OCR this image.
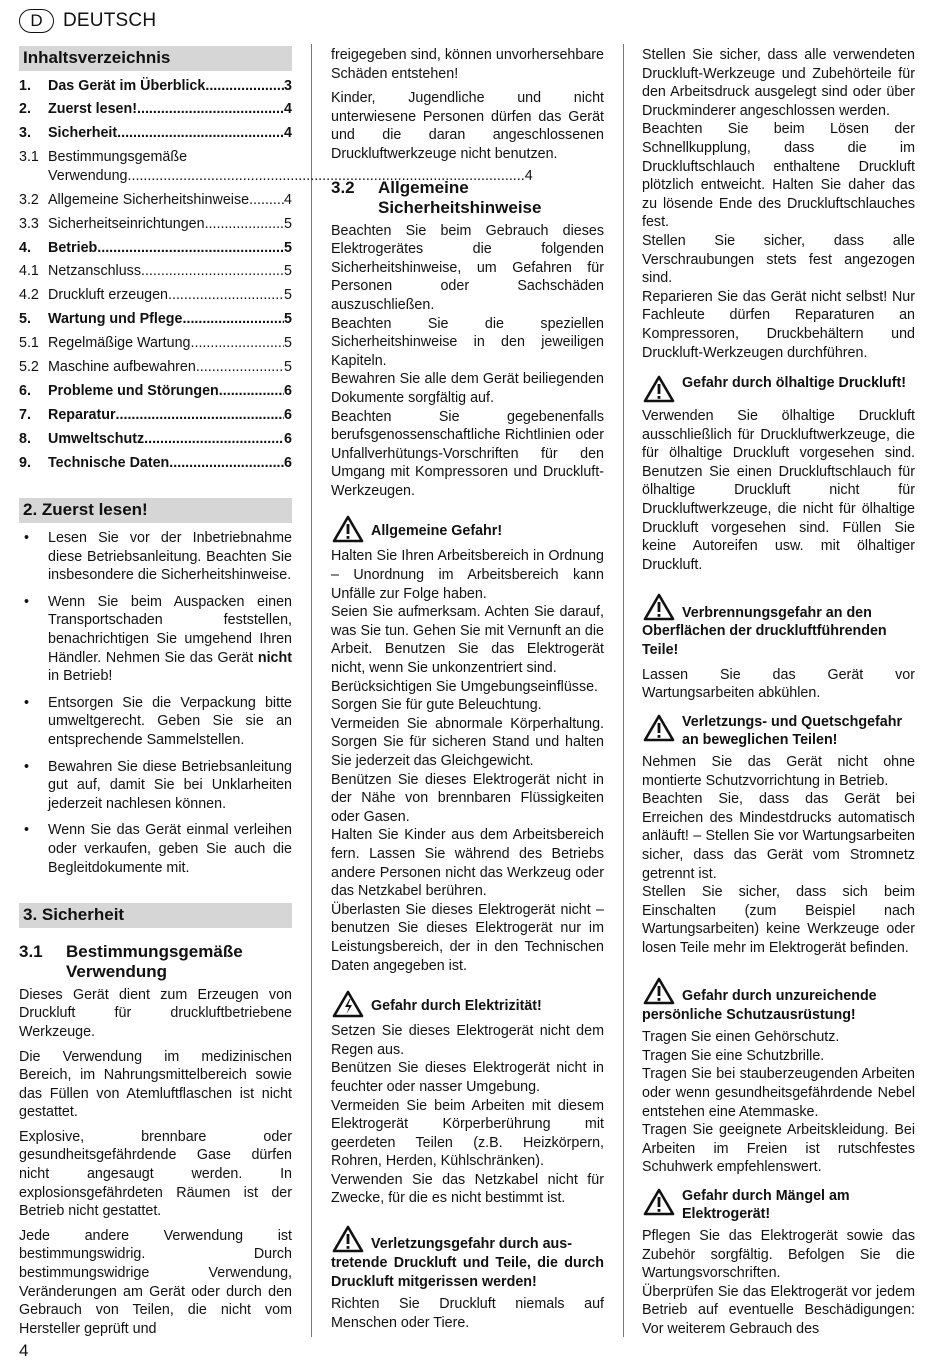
D	DEUTSCH
Inhaltsverzeichnis
1.	Das Gerät im Überblick .....	3
2.	Zuerst lesen! .....	4
3.	Sicherheit .....	4
3.1 Bestimmungsgemäße
Verwendung .....	4
3.2 Allgemeine Sicherheitshinweise ..... 4
3.3 Sicherheitseinrichtungen .....	5
4.	Betrieb .....	5
4.1 Netzanschluss .....	5
4.2 Druckluft erzeugen .....	5
5.	Wartung und Pflege .....	5
5.1 Regelmäßige Wartung .....	5
5.2 Maschine aufbewahren .....	5
6.	Probleme und Störungen .....	6
7.	Reparatur .....	6
8.	Umweltschutz .....	6
9.	Technische Daten .....	6
2. Zuerst lesen!
• Lesen Sie vor der Inbetriebnahme diese Betriebsanleitung. Beachten Sie insbesondere die Sicherheitshinweise.
• Wenn Sie beim Auspacken einen Transportschaden feststellen, benachrichtigen Sie umgehend Ihren Händler. Nehmen Sie das Gerät nicht in Betrieb!
• Entsorgen Sie die Verpackung bitte umweltgerecht. Geben Sie sie an entsprechende Sammelstellen.
• Bewahren Sie diese Betriebsanleitung gut auf, damit Sie bei Unklarheiten jederzeit nachlesen können.
• Wenn Sie das Gerät einmal verleihen oder verkaufen, geben Sie auch die Begleitdokumente mit.
3. Sicherheit
3.1	Bestimmungsgemäße Verwendung

Dieses Gerät dient zum Erzeugen von Druckluft für druckluftbetriebene Werkzeuge.

Die Verwendung im medizinischen Bereich, im Nahrungsmittelbereich sowie das Füllen von Atemluftflaschen ist nicht gestattet.

Explosive, brennbare oder gesundheitsgefährdende Gase dürfen nicht angesaugt werden. In explosionsgefährdeten Räumen ist der Betrieb nicht gestattet.

Jede andere Verwendung ist bestimmungswidrig. Durch bestimmungswidrige Verwendung, Veränderungen am Gerät oder durch den Gebrauch von Teilen, die nicht vom Hersteller geprüft und

freigegeben sind, können unvorhersehbare Schäden entstehen!

Kinder, Jugendliche und nicht unterwiesene Personen dürfen das Gerät und die daran angeschlossenen Druckluftwerkzeuge nicht benutzen.

3.2	Allgemeine Sicherheitshinweise

Beachten Sie beim Gebrauch dieses Elektrogerätes die folgenden Sicherheitshinweise, um Gefahren für Personen oder Sachschäden auszuschließen.

Beachten Sie die speziellen Sicherheitshinweise in den jeweiligen Kapiteln.

Bewahren Sie alle dem Gerät beiliegenden Dokumente sorgfältig auf.

Beachten Sie gegebenenfalls berufsgenossenschaftliche Richtlinien oder Unfallverhütungs-Vorschriften für den Umgang mit Kompressoren und Druckluft-Werkzeugen.

Allgemeine Gefahr!

Halten Sie Ihren Arbeitsbereich in Ordnung – Unordnung im Arbeitsbereich kann Unfälle zur Folge haben.

Seien Sie aufmerksam. Achten Sie darauf, was Sie tun. Gehen Sie mit Vernunft an die Arbeit. Benutzen Sie das Elektrogerät nicht, wenn Sie unkonzentriert sind.

Berücksichtigen Sie Umgebungseinflüsse.

Sorgen Sie für gute Beleuchtung.

Vermeiden Sie abnormale Körperhaltung. Sorgen Sie für sicheren Stand und halten Sie jederzeit das Gleichgewicht.

Benützen Sie dieses Elektrogerät nicht in der Nähe von brennbaren Flüssigkeiten oder Gasen.

Halten Sie Kinder aus dem Arbeitsbereich fern. Lassen Sie während des Betriebs andere Personen nicht das Werkzeug oder das Netzkabel berühren.

Überlasten Sie dieses Elektrogerät nicht – benutzen Sie dieses Elektrogerät nur im Leistungsbereich, der in den Technischen Daten angegeben ist.

Gefahr durch Elektrizität!

Setzen Sie dieses Elektrogerät nicht dem Regen aus.

Benützen Sie dieses Elektrogerät nicht in feuchter oder nasser Umgebung.

Vermeiden Sie beim Arbeiten mit diesem Elektrogerät Körperberührung mit geerdeten Teilen (z.B. Heizkörpern, Rohren, Herden, Kühlschränken).

Verwenden Sie das Netzkabel nicht für Zwecke, für die es nicht bestimmt ist.

Verletzungsgefahr durch aus-
tretende Druckluft und Teile, die durch Druckluft mitgerissen werden!

Richten Sie Druckluft niemals auf Menschen oder Tiere.

Stellen Sie sicher, dass alle verwendeten Druckluft-Werkzeuge und Zubehörteile für den Arbeitsdruck ausgelegt sind oder über Druckminderer angeschlossen werden.

Beachten Sie beim Lösen der Schnellkupplung, dass die im Druckluftschlauch enthaltene Druckluft plötzlich entweicht. Halten Sie daher das zu lösende Ende des Druckluftschlauches fest.

Stellen Sie sicher, dass alle Verschraubungen stets fest angezogen sind.

Reparieren Sie das Gerät nicht selbst! Nur Fachleute dürfen Reparaturen an Kompressoren, Druckbehältern und Druckluft-Werkzeugen durchführen.

Gefahr durch ölhaltige Druckluft!

Verwenden Sie ölhaltige Druckluft ausschließlich für Druckluftwerkzeuge, die für ölhaltige Druckluft vorgesehen sind. Benutzen Sie einen Druckluftschlauch für ölhaltige Druckluft nicht für Druckluftwerkzeuge, die nicht für ölhaltige Druckluft vorgesehen sind. Füllen Sie keine Autoreifen usw. mit ölhaltiger Druckluft.

Verbrennungsgefahr an den
Oberflächen der druckluftführenden Teile!

Lassen Sie das Gerät vor Wartungsarbeiten abkühlen.

Verletzungs- und Quetschgefahr an beweglichen Teilen!

Nehmen Sie das Gerät nicht ohne montierte Schutzvorrichtung in Betrieb.

Beachten Sie, dass das Gerät bei Erreichen des Mindestdrucks automatisch anläuft! – Stellen Sie vor Wartungsarbeiten sicher, dass das Gerät vom Stromnetz getrennt ist.

Stellen Sie sicher, dass sich beim Einschalten (zum Beispiel nach Wartungsarbeiten) keine Werkzeuge oder losen Teile mehr im Elektrogerät befinden.

Gefahr durch unzureichende
persönliche Schutzausrüstung!

Tragen Sie einen Gehörschutz.

Tragen Sie eine Schutzbrille.

Tragen Sie bei stauberzeugenden Arbeiten oder wenn gesundheitsgefährdende Nebel entstehen eine Atemmaske.

Tragen Sie geeignete Arbeitskleidung. Bei Arbeiten im Freien ist rutschfestes Schuhwerk empfehlenswert.

Gefahr durch Mängel am Elektrogerät!

Pflegen Sie das Elektrogerät sowie das Zubehör sorgfältig. Befolgen Sie die Wartungsvorschriften.

Überprüfen Sie das Elektrogerät vor jedem Betrieb auf eventuelle Beschädigungen: Vor weiterem Gebrauch des

4
